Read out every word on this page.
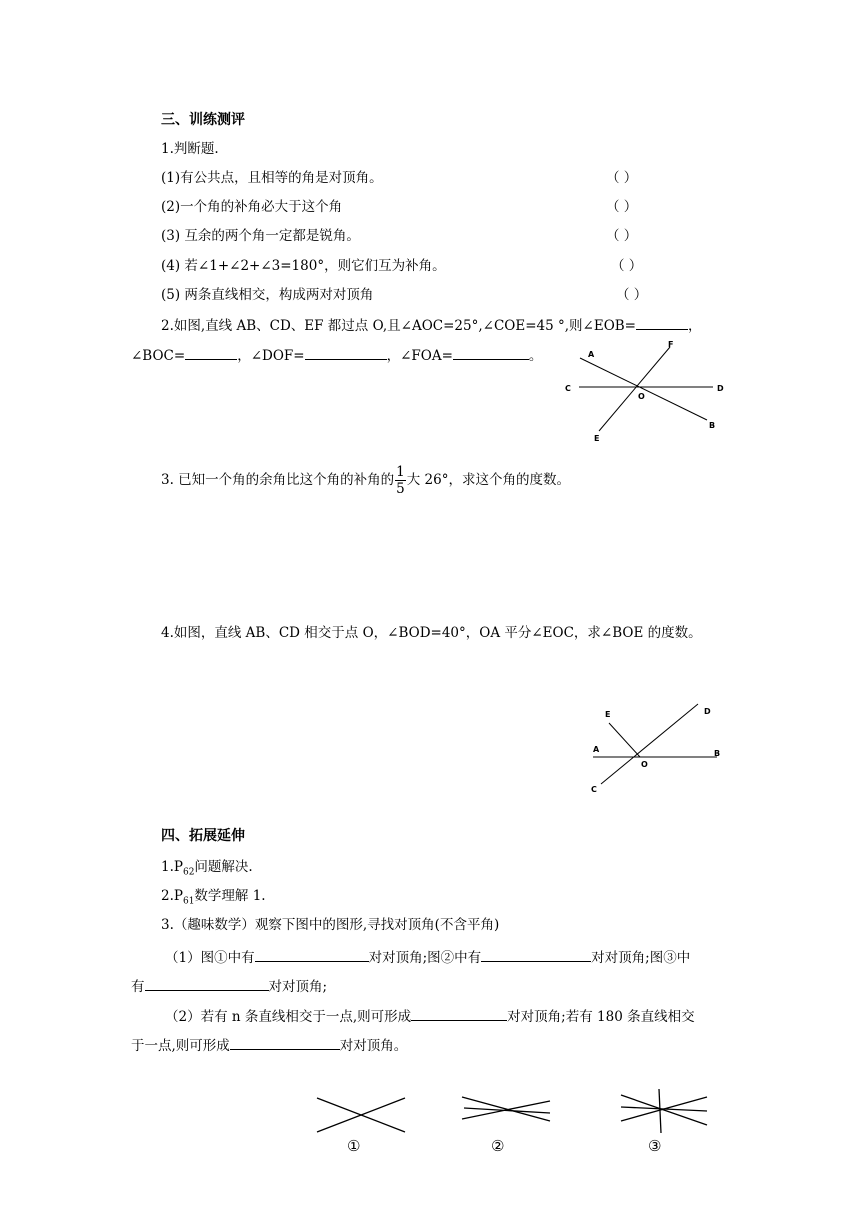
三、训练测评
1.判断题.
(1)有公共点，且相等的角是对顶角。	（ ）
(2)一个角的补角必大于这个角	（ ）
(3) 互余的两个角一定都是锐角。	（ ）
(4) 若∠1+∠2+∠3=180°，则它们互为补角。	（ ）
(5) 两条直线相交，构成两对对顶角	（ ）
2.如图,直线 AB、CD、EF 都过点 O,且∠AOC=25°,∠COE=45 °,则∠EOB=	，
∠BOC=	，∠DOF=	，∠FOA=	。	A
F
C
O
D
E
B
3. 已知一个角的余角比这个角的补角的 $\frac{1}{5}$ 大 26°，求这个角的度数。
4.如图，直线 AB、CD 相交于点 O，∠BOD=40°，OA 平分∠EOC，求∠BOE 的度数。
E	D
A
O
B
C
四、拓展延伸
$1.P_{62}$问题解决.
$2.P_{61}$数学理解 1.
3.（趣味数学）观察下图中的图形,寻找对顶角(不含平角)
（1）图①中有	对对顶角;图②中有	对对顶角;图③中
有	对对顶角;
（2）若有 n 条直线相交于一点,则可形成	对对顶角;若有 180 条直线相交
于一点,则可形成	对对顶角。
①	②	③
